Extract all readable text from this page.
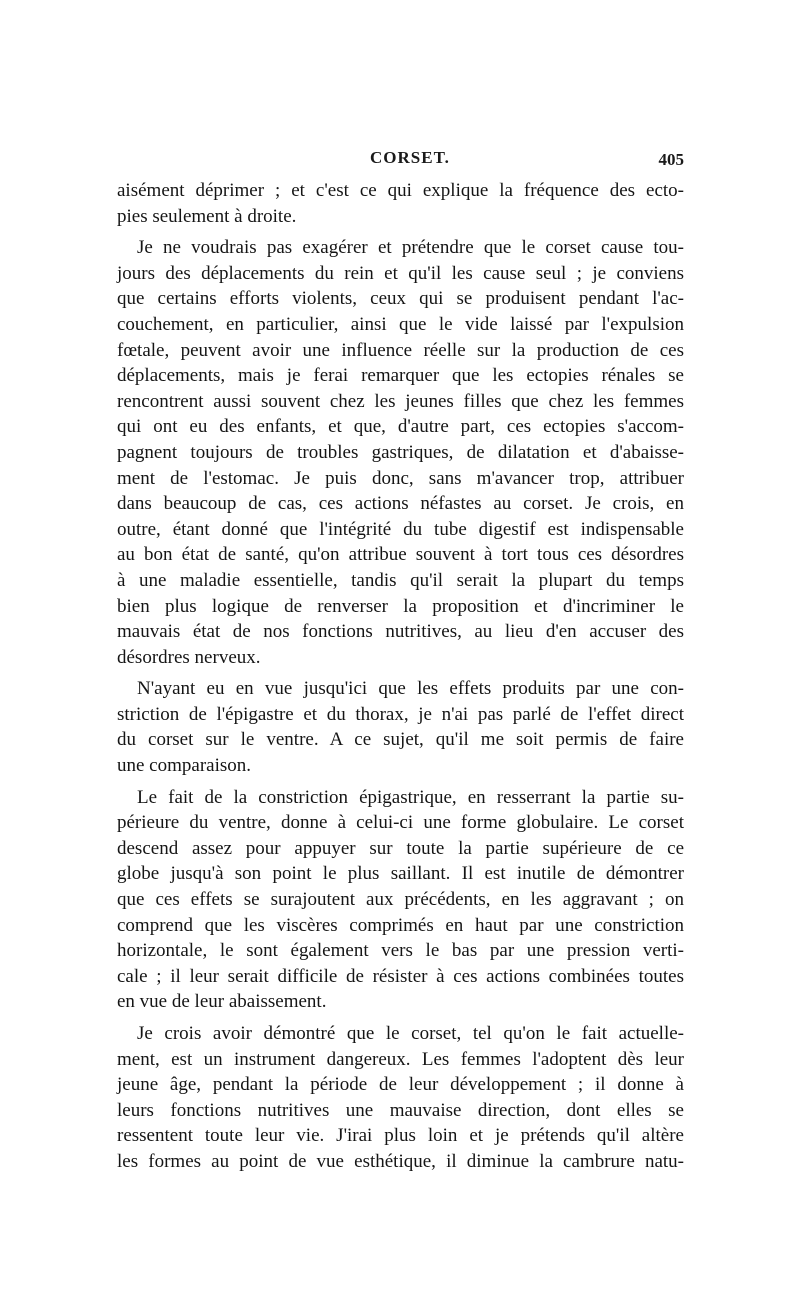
CORSET.	405

aisément déprimer ; et c'est ce qui explique la fréquence des ecto-
pies seulement à droite.

Je ne voudrais pas exagérer et prétendre que le corset cause tou-
jours des déplacements du rein et qu'il les cause seul ; je conviens
que certains efforts violents, ceux qui se produisent pendant l'ac-
couchement, en particulier, ainsi que le vide laissé par l'expulsion
fœtale, peuvent avoir une influence réelle sur la production de ces
déplacements, mais je ferai remarquer que les ectopies rénales se
rencontrent aussi souvent chez les jeunes filles que chez les femmes
qui ont eu des enfants, et que, d'autre part, ces ectopies s'accom-
pagnent toujours de troubles gastriques, de dilatation et d'abaisse-
ment de l'estomac. Je puis donc, sans m'avancer trop, attribuer
dans beaucoup de cas, ces actions néfastes au corset. Je crois, en
outre, étant donné que l'intégrité du tube digestif est indispensable
au bon état de santé, qu'on attribue souvent à tort tous ces désordres
à une maladie essentielle, tandis qu'il serait la plupart du temps
bien plus logique de renverser la proposition et d'incriminer le
mauvais état de nos fonctions nutritives, au lieu d'en accuser des
désordres nerveux.

N'ayant eu en vue jusqu'ici que les effets produits par une con-
striction de l'épigastre et du thorax, je n'ai pas parlé de l'effet direct
du corset sur le ventre. A ce sujet, qu'il me soit permis de faire
une comparaison.

Le fait de la constriction épigastrique, en resserrant la partie su-
périeure du ventre, donne à celui-ci une forme globulaire. Le corset
descend assez pour appuyer sur toute la partie supérieure de ce
globe jusqu'à son point le plus saillant. Il est inutile de démontrer
que ces effets se surajoutent aux précédents, en les aggravant ; on
comprend que les viscères comprimés en haut par une constriction
horizontale, le sont également vers le bas par une pression verti-
cale ; il leur serait difficile de résister à ces actions combinées toutes
en vue de leur abaissement.

Je crois avoir démontré que le corset, tel qu'on le fait actuelle-
ment, est un instrument dangereux. Les femmes l'adoptent dès leur
jeune âge, pendant la période de leur développement ; il donne à
leurs fonctions nutritives une mauvaise direction, dont elles se
ressentent toute leur vie. J'irai plus loin et je prétends qu'il altère
les formes au point de vue esthétique, il diminue la cambrure natu-
